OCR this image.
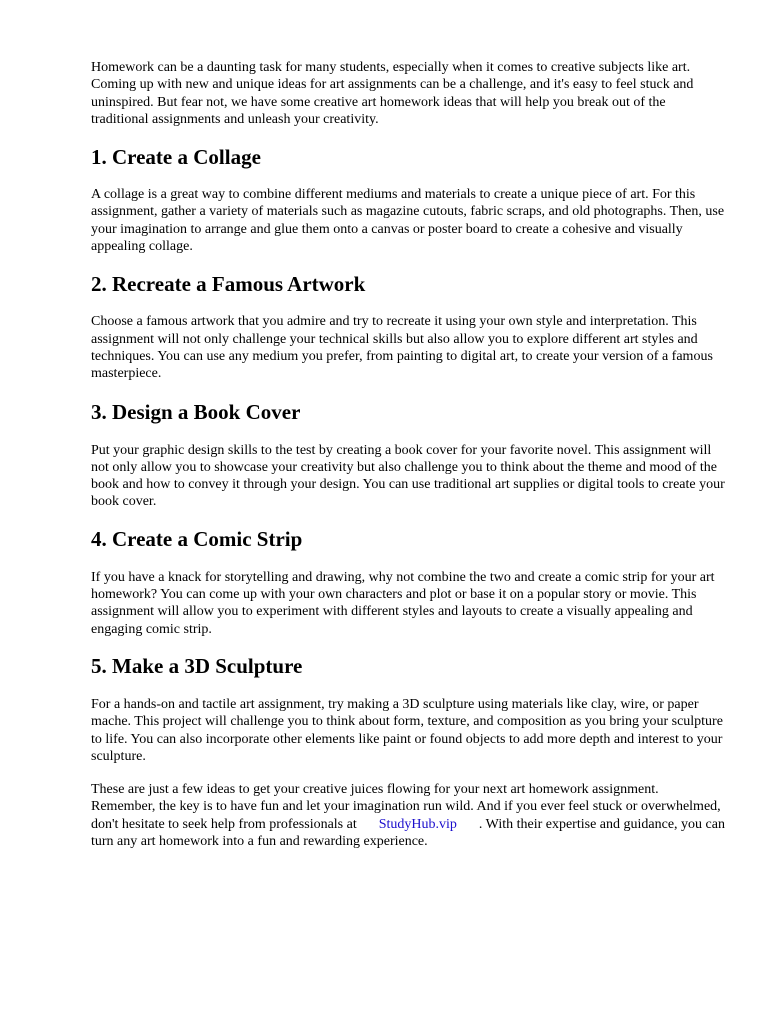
Homework can be a daunting task for many students, especially when it comes to creative subjects like art. Coming up with new and unique ideas for art assignments can be a challenge, and it's easy to feel stuck and uninspired. But fear not, we have some creative art homework ideas that will help you break out of the traditional assignments and unleash your creativity.

1. Create a Collage

A collage is a great way to combine different mediums and materials to create a unique piece of art. For this assignment, gather a variety of materials such as magazine cutouts, fabric scraps, and old photographs. Then, use your imagination to arrange and glue them onto a canvas or poster board to create a cohesive and visually appealing collage.

2. Recreate a Famous Artwork

Choose a famous artwork that you admire and try to recreate it using your own style and interpretation. This assignment will not only challenge your technical skills but also allow you to explore different art styles and techniques. You can use any medium you prefer, from painting to digital art, to create your version of a famous masterpiece.

3. Design a Book Cover

Put your graphic design skills to the test by creating a book cover for your favorite novel. This assignment will not only allow you to showcase your creativity but also challenge you to think about the theme and mood of the book and how to convey it through your design. You can use traditional art supplies or digital tools to create your book cover.

4. Create a Comic Strip

If you have a knack for storytelling and drawing, why not combine the two and create a comic strip for your art homework? You can come up with your own characters and plot or base it on a popular story or movie. This assignment will allow you to experiment with different styles and layouts to create a visually appealing and engaging comic strip.

5. Make a 3D Sculpture

For a hands-on and tactile art assignment, try making a 3D sculpture using materials like clay, wire, or paper mache. This project will challenge you to think about form, texture, and composition as you bring your sculpture to life. You can also incorporate other elements like paint or found objects to add more depth and interest to your sculpture.

These are just a few ideas to get your creative juices flowing for your next art homework assignment. Remember, the key is to have fun and let your imagination run wild. And if you ever feel stuck or overwhelmed, don't hesitate to seek help from professionals at StudyHub.vip . With their expertise and guidance, you can turn any art homework into a fun and rewarding experience.
